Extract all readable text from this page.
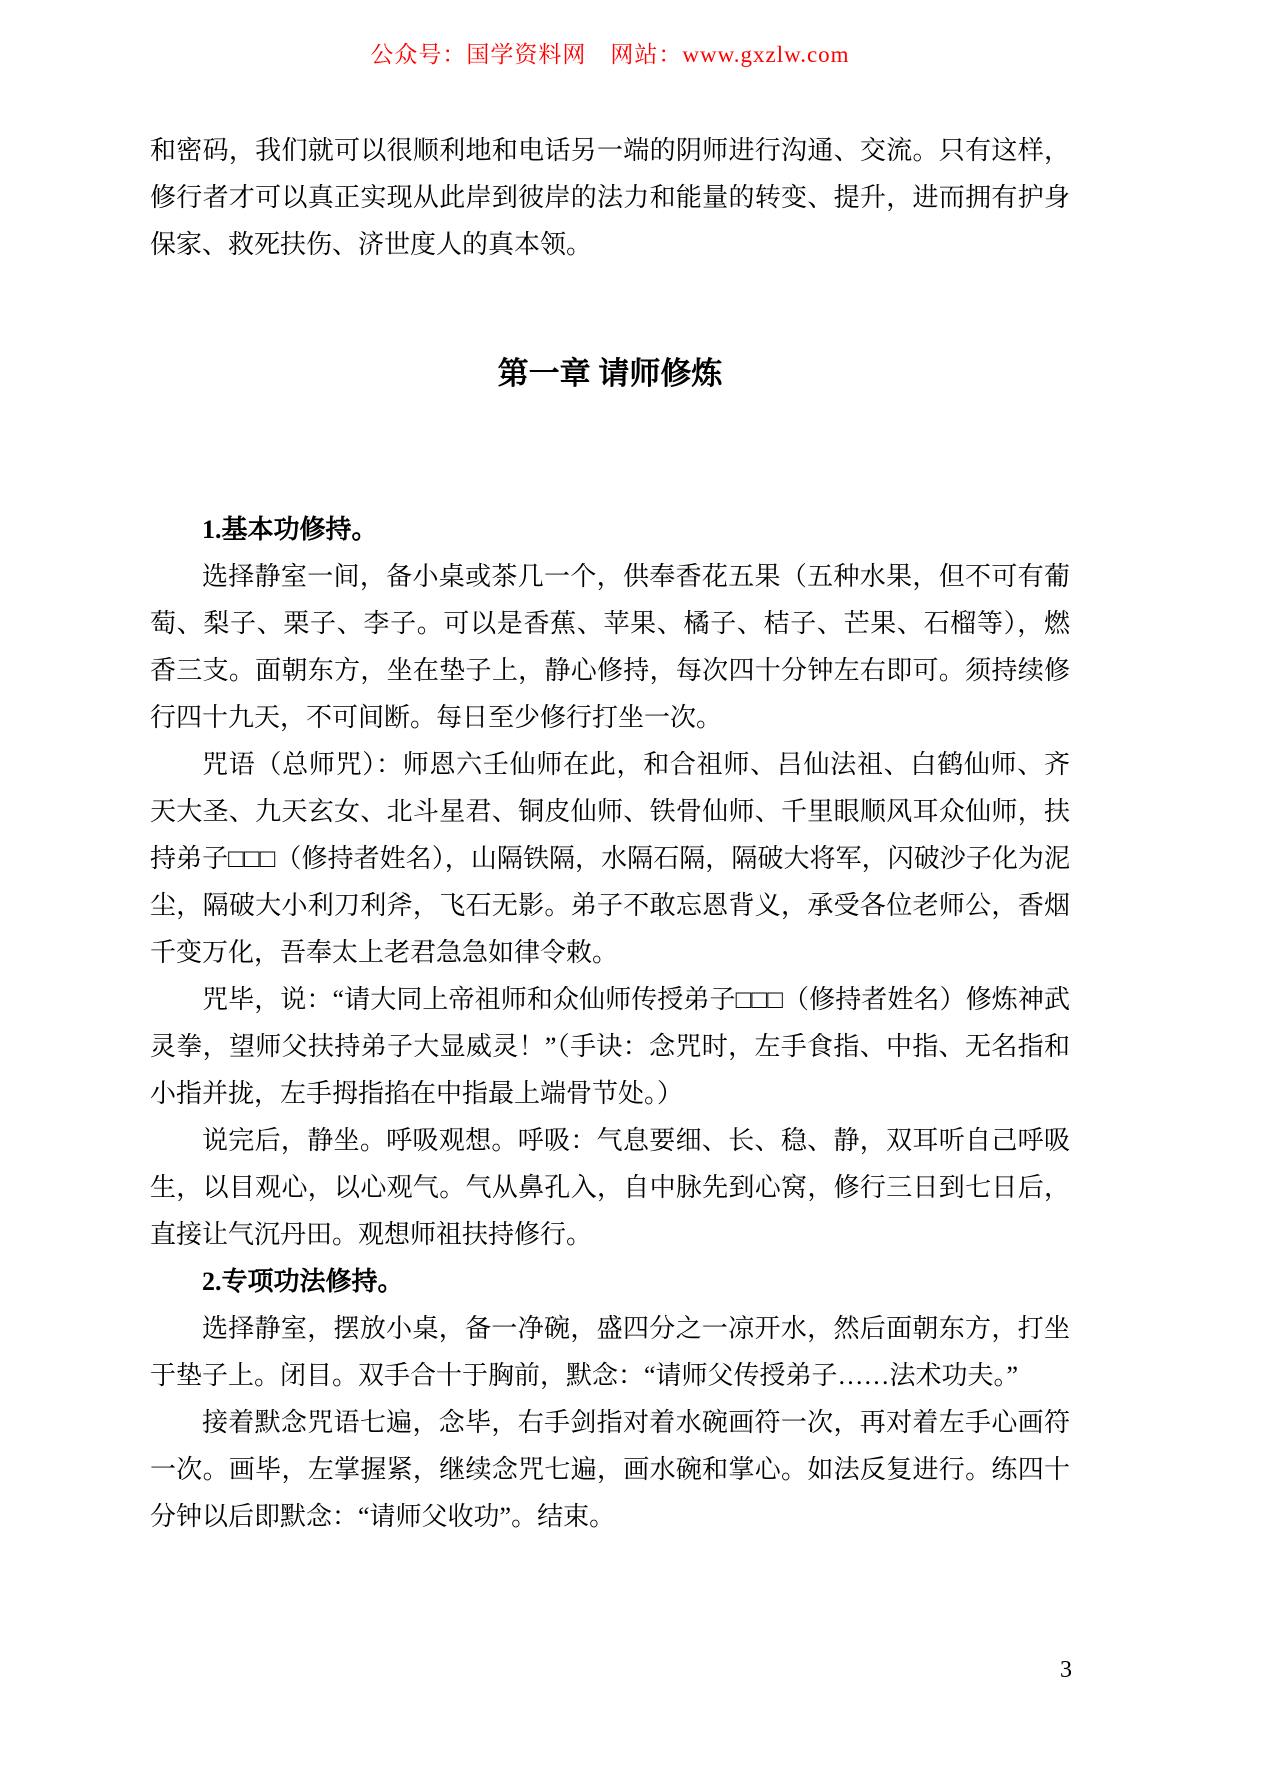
公众号：国学资料网　网站：www.gxzlw.com

和密码，我们就可以很顺利地和电话另一端的阴师进行沟通、交流。只有这样，修行者才可以真正实现从此岸到彼岸的法力和能量的转变、提升，进而拥有护身保家、救死扶伤、济世度人的真本领。

第一章 请师修炼
1.基本功修持。

选择静室一间，备小桌或茶几一个，供奉香花五果（五种水果，但不可有葡萄、梨子、栗子、李子。可以是香蕉、苹果、橘子、桔子、芒果、石榴等），燃香三支。面朝东方，坐在垫子上，静心修持，每次四十分钟左右即可。须持续修行四十九天，不可间断。每日至少修行打坐一次。

咒语（总师咒）：师恩六壬仙师在此，和合祖师、吕仙法祖、白鹤仙师、齐天大圣、九天玄女、北斗星君、铜皮仙师、铁骨仙师、千里眼顺风耳众仙师，扶持弟子□□□（修持者姓名），山隔铁隔，水隔石隔，隔破大将军，闪破沙子化为泥尘，隔破大小利刀利斧，飞石无影。弟子不敢忘恩背义，承受各位老师公，香烟千变万化，吾奉太上老君急急如律令敕。

咒毕，说：“请大同上帝祖师和众仙师传授弟子□□□（修持者姓名）修炼神武灵拳，望师父扶持弟子大显威灵！”（手诀：念咒时，左手食指、中指、无名指和小指并拢，左手拇指掐在中指最上端骨节处。）

说完后，静坐。呼吸观想。呼吸：气息要细、长、稳、静，双耳听自己呼吸生，以目观心，以心观气。气从鼻孔入，自中脉先到心窝，修行三日到七日后，直接让气沉丹田。观想师祖扶持修行。

2.专项功法修持。

选择静室，摆放小桌，备一净碗，盛四分之一凉开水，然后面朝东方，打坐于垫子上。闭目。双手合十于胸前，默念：“请师父传授弟子……法术功夫。”

接着默念咒语七遍，念毕，右手剑指对着水碗画符一次，再对着左手心画符一次。画毕，左掌握紧，继续念咒七遍，画水碗和掌心。如法反复进行。练四十分钟以后即默念：“请师父收功”。结束。

3
